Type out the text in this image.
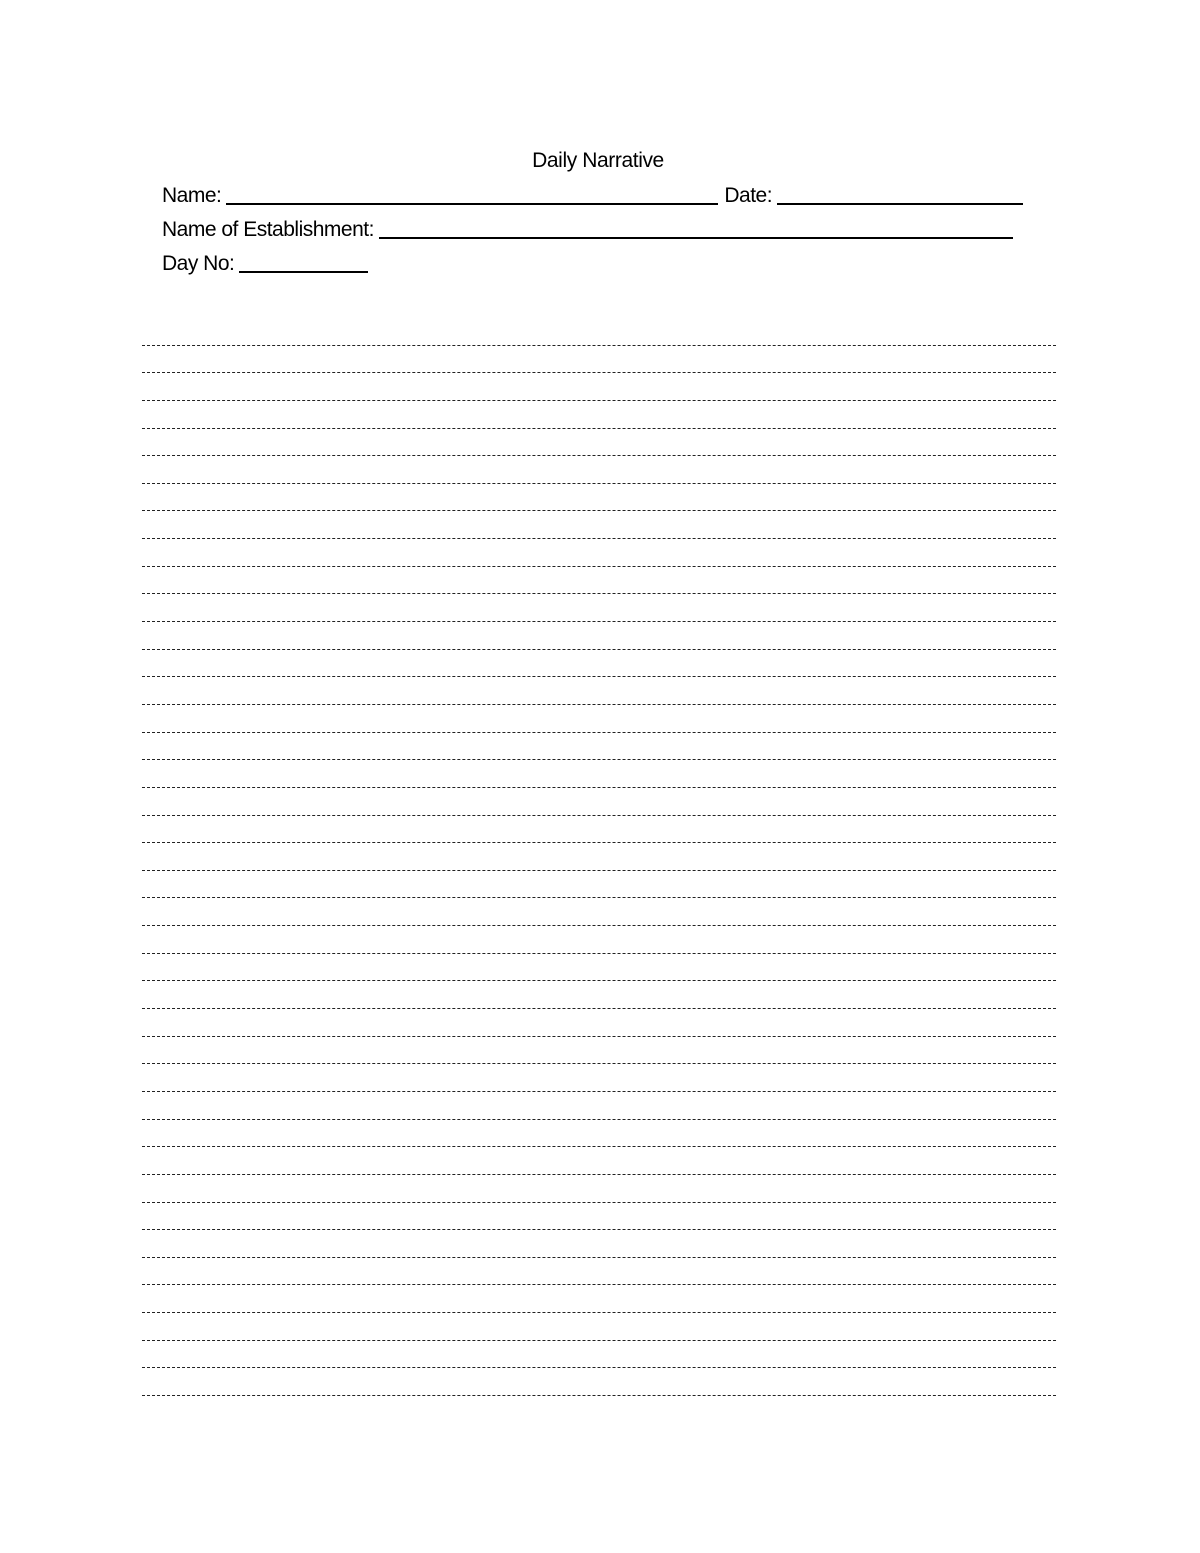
Daily Narrative
Name:	Date:
Name of Establishment:
Day No:
